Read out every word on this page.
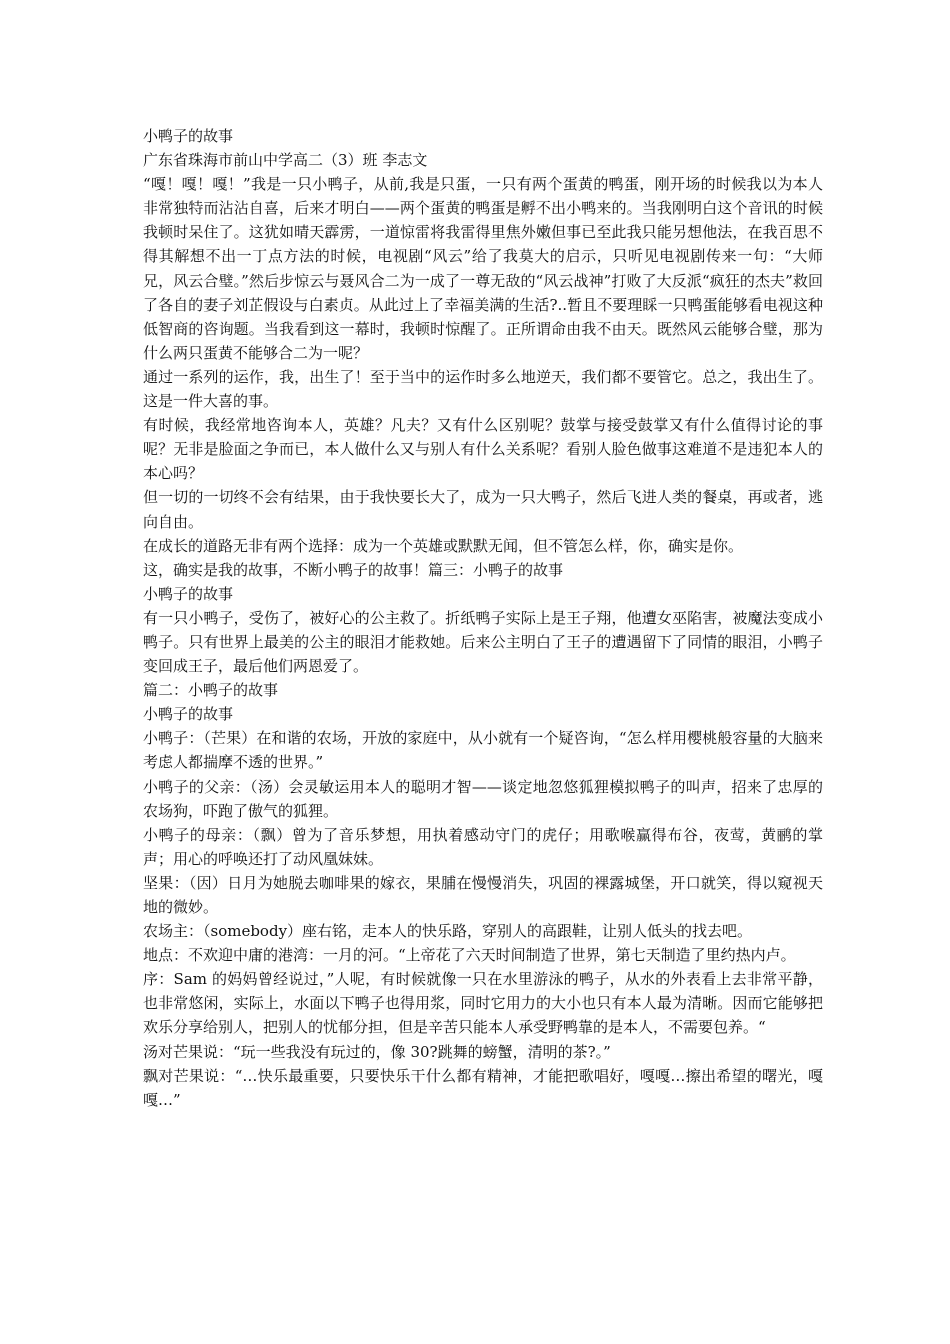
小鸭子的故事

广东省珠海市前山中学高二（3）班 李志文

“嘎！嘎！嘎！”我是一只小鸭子，从前,我是只蛋，一只有两个蛋黄的鸭蛋，刚开场的时候我以为本人非常独特而沾沾自喜，后来才明白——两个蛋黄的鸭蛋是孵不出小鸭来的。当我刚明白这个音讯的时候我顿时呆住了。这犹如晴天霹雳，一道惊雷将我雷得里焦外嫩但事已至此我只能另想他法，在我百思不得其解想不出一丁点方法的时候，电视剧“风云”给了我莫大的启示，只听见电视剧传来一句：“大师兄，风云合璧。”然后步惊云与聂风合二为一成了一尊无敌的“风云战神”打败了大反派“疯狂的杰夫”救回了各自的妻子刘芷假设与白素贞。从此过上了幸福美满的生活?..暂且不要理睬一只鸭蛋能够看电视这种低智商的咨询题。当我看到这一幕时，我顿时惊醒了。正所谓命由我不由天。既然风云能够合璧，那为什么两只蛋黄不能够合二为一呢？

通过一系列的运作，我，出生了！至于当中的运作时多么地逆天，我们都不要管它。总之，我出生了。这是一件大喜的事。

有时候，我经常地咨询本人，英雄？凡夫？又有什么区别呢？鼓掌与接受鼓掌又有什么值得讨论的事呢？无非是脸面之争而已，本人做什么又与别人有什么关系呢？看别人脸色做事这难道不是违犯本人的本心吗？

但一切的一切终不会有结果，由于我快要长大了，成为一只大鸭子，然后飞进人类的餐桌，再或者，逃向自由。

在成长的道路无非有两个选择：成为一个英雄或默默无闻，但不管怎么样，你，确实是你。

这，确实是我的故事，不断小鸭子的故事！篇三：小鸭子的故事

小鸭子的故事

有一只小鸭子，受伤了，被好心的公主救了。折纸鸭子实际上是王子翔，他遭女巫陷害，被魔法变成小鸭子。只有世界上最美的公主的眼泪才能救她。后来公主明白了王子的遭遇留下了同情的眼泪，小鸭子变回成王子，最后他们两恩爱了。

篇二：小鸭子的故事

小鸭子的故事

小鸭子：（芒果）在和谐的农场，开放的家庭中，从小就有一个疑咨询，“怎么样用樱桃般容量的大脑来考虑人都揣摩不透的世界。”

小鸭子的父亲：（汤）会灵敏运用本人的聪明才智——谈定地忽悠狐狸模拟鸭子的叫声，招来了忠厚的农场狗，吓跑了傲气的狐狸。

小鸭子的母亲：（飘）曾为了音乐梦想，用执着感动守门的虎仔；用歌喉赢得布谷，夜莺，黄鹂的掌声；用心的呼唤还打了动风凰妹妹。

坚果：（因）日月为她脱去咖啡果的嫁衣，果脯在慢慢消失，巩固的裸露城堡，开口就笑，得以窥视天地的微妙。

农场主：（somebody）座右铭，走本人的快乐路，穿别人的高跟鞋，让别人低头的找去吧。

地点：不欢迎中庸的港湾：一月的河。“上帝花了六天时间制造了世界，第七天制造了里约热内卢。

序：Sam 的妈妈曾经说过，”人呢，有时候就像一只在水里游泳的鸭子，从水的外表看上去非常平静，也非常悠闲，实际上，水面以下鸭子也得用浆，同时它用力的大小也只有本人最为清晰。因而它能够把欢乐分享给别人，把别人的忧郁分担，但是辛苦只能本人承受野鸭靠的是本人，不需要包养。“

汤对芒果说：“玩一些我没有玩过的，像 30?跳舞的螃蟹，清明的茶?。”

飘对芒果说：“…快乐最重要，只要快乐干什么都有精神，才能把歌唱好，嘎嘎…擦出希望的曙光，嘎嘎…”
